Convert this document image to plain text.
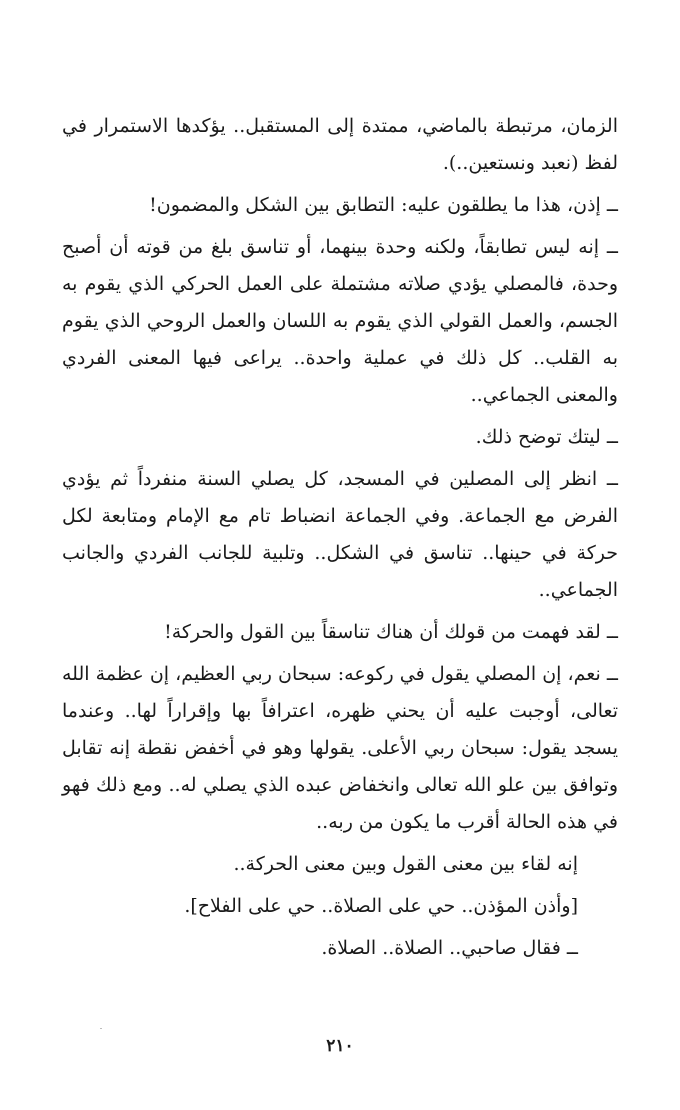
الزمان، مرتبطة بالماضي، ممتدة إلى المستقبل.. يؤكدها الاستمرار في لفظ (نعبد ونستعين..).

ــ إذن، هذا ما يطلقون عليه: التطابق بين الشكل والمضمون!

ــ إنه ليس تطابقاً، ولكنه وحدة بينهما، أو تناسق بلغ من قوته أن أصبح وحدة، فالمصلي يؤدي صلاته مشتملة على العمل الحركي الذي يقوم به الجسم، والعمل القولي الذي يقوم به اللسان والعمل الروحي الذي يقوم به القلب.. كل ذلك في عملية واحدة.. يراعى فيها المعنى الفردي والمعنى الجماعي..

ــ ليتك توضح ذلك.

ــ انظر إلى المصلين في المسجد، كل يصلي السنة منفرداً ثم يؤدي الفرض مع الجماعة. وفي الجماعة انضباط تام مع الإمام ومتابعة لكل حركة في حينها.. تناسق في الشكل.. وتلبية للجانب الفردي والجانب الجماعي..

ــ لقد فهمت من قولك أن هناك تناسقاً بين القول والحركة!

ــ نعم، إن المصلي يقول في ركوعه: سبحان ربي العظيم، إن عظمة الله تعالى، أوجبت عليه أن يحني ظهره، اعترافاً بها وإقراراً لها.. وعندما يسجد يقول: سبحان ربي الأعلى. يقولها وهو في أخفض نقطة إنه تقابل وتوافق بين علو الله تعالى وانخفاض عبده الذي يصلي له.. ومع ذلك فهو في هذه الحالة أقرب ما يكون من ربه..

إنه لقاء بين معنى القول وبين معنى الحركة..

[وأذن المؤذن.. حي على الصلاة.. حي على الفلاح].

ــ فقال صاحبي.. الصلاة.. الصلاة.

٢١٠
